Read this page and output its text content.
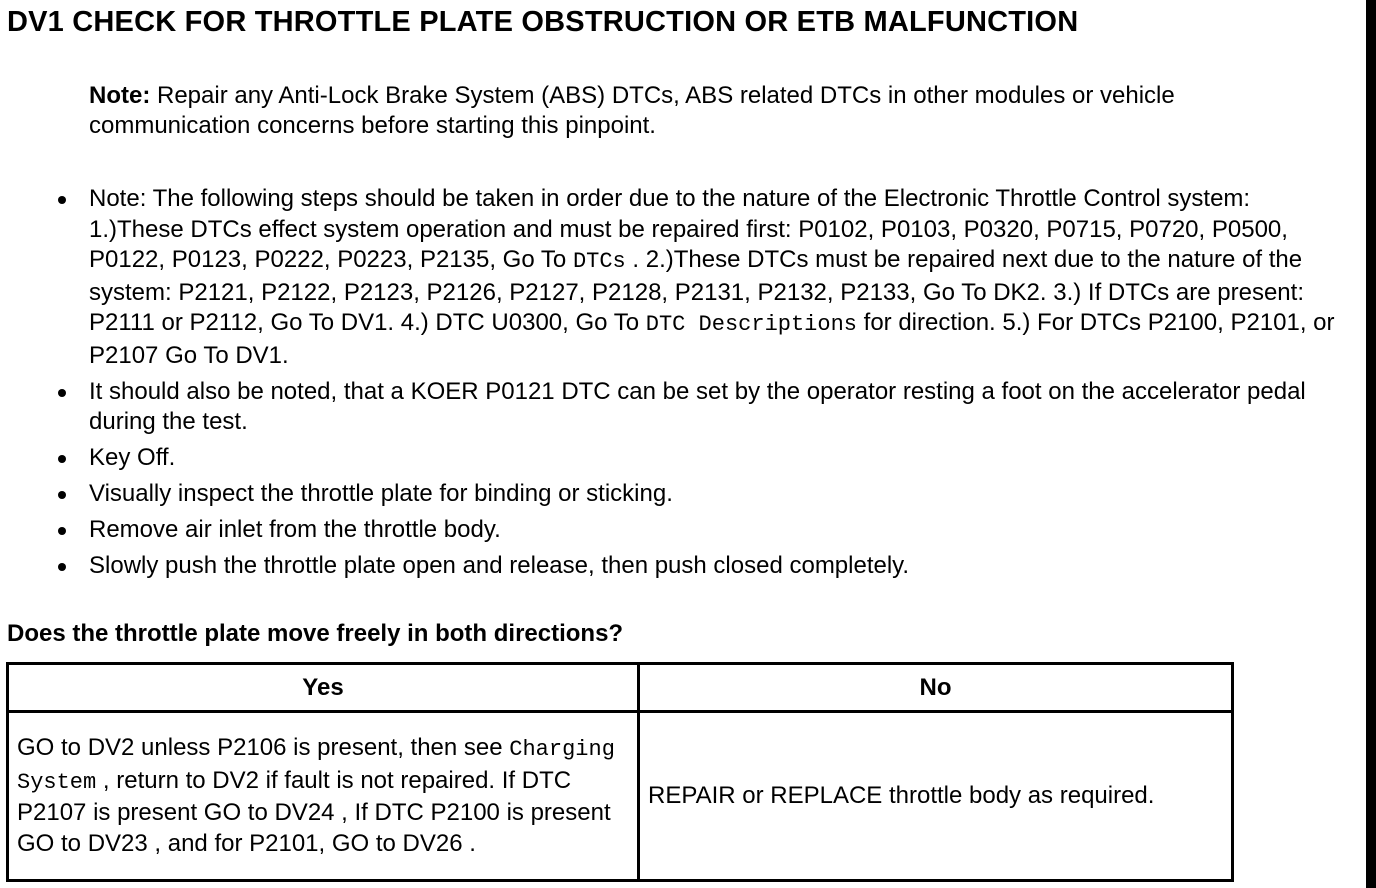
DV1 CHECK FOR THROTTLE PLATE OBSTRUCTION OR ETB MALFUNCTION
Note: Repair any Anti-Lock Brake System (ABS) DTCs, ABS related DTCs in other modules or vehicle communication concerns before starting this pinpoint.
Note: The following steps should be taken in order due to the nature of the Electronic Throttle Control system: 1.)These DTCs effect system operation and must be repaired first: P0102, P0103, P0320, P0715, P0720, P0500, P0122, P0123, P0222, P0223, P2135, Go To DTCs . 2.)These DTCs must be repaired next due to the nature of the system: P2121, P2122, P2123, P2126, P2127, P2128, P2131, P2132, P2133, Go To DK2. 3.) If DTCs are present: P2111 or P2112, Go To DV1. 4.) DTC U0300, Go To DTC Descriptions for direction. 5.) For DTCs P2100, P2101, or P2107 Go To DV1.
It should also be noted, that a KOER P0121 DTC can be set by the operator resting a foot on the accelerator pedal during the test.
Key Off.
Visually inspect the throttle plate for binding or sticking.
Remove air inlet from the throttle body.
Slowly push the throttle plate open and release, then push closed completely.

Does the throttle plate move freely in both directions?

Yes	No
GO to DV2 unless P2106 is present, then see Charging System , return to DV2 if fault is not repaired. If DTC P2107 is present GO to DV24 , If DTC P2100 is present GO to DV23 , and for P2101, GO to DV26 .	REPAIR or REPLACE throttle body as required.
